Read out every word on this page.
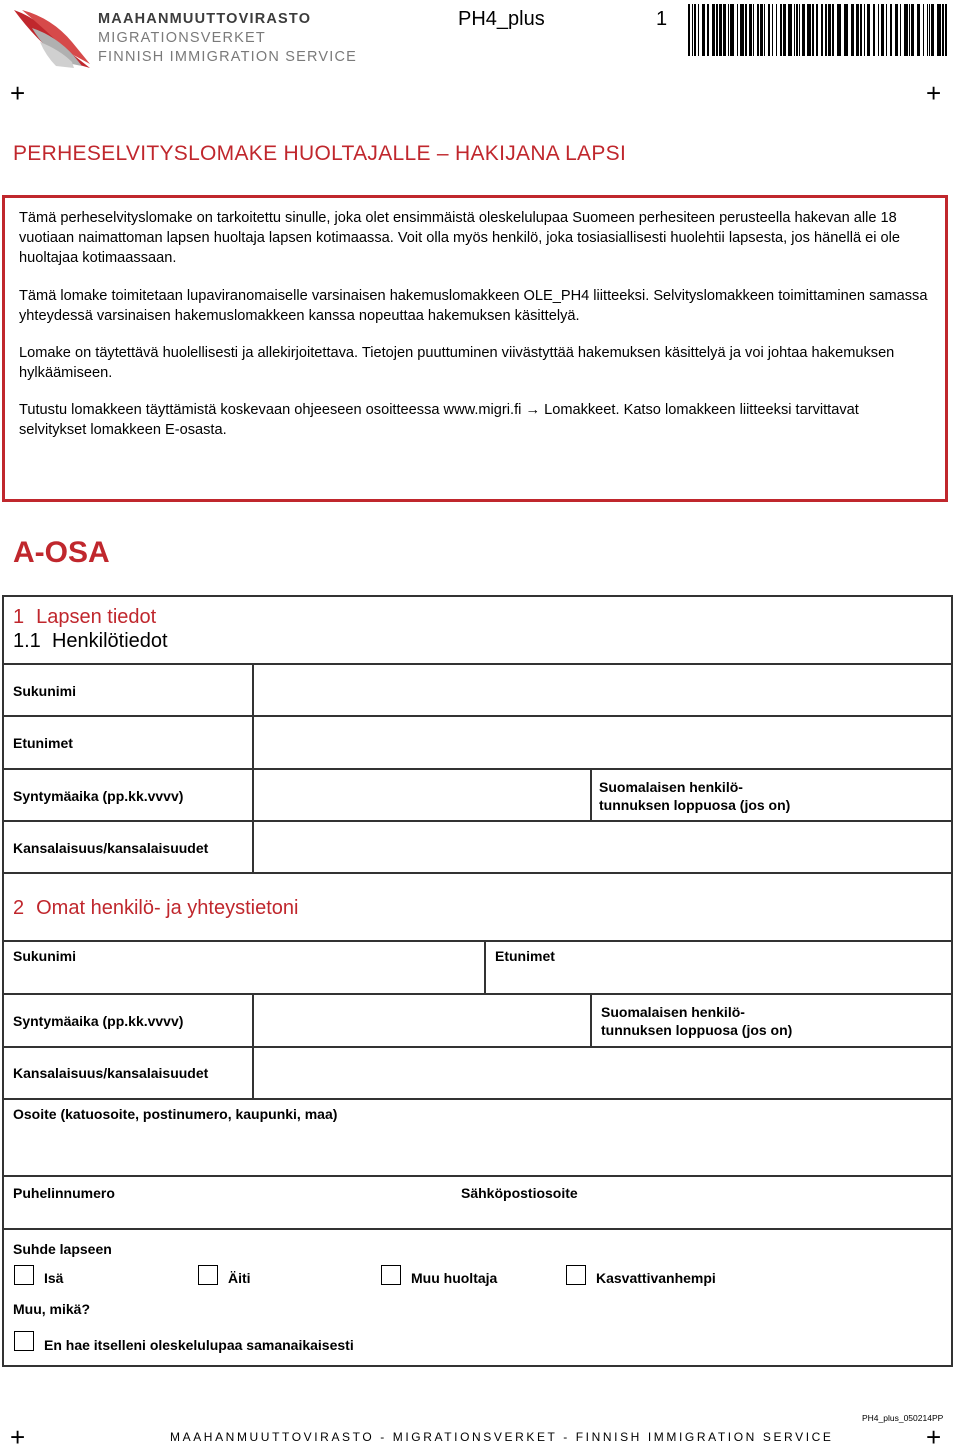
MAAHANMUUTTOVIRASTO
MIGRATIONSVERKET
FINNISH IMMIGRATION SERVICE
PH4_plus	1
+	+
PERHESELVITYSLOMAKE HUOLTAJALLE – HAKIJANA LAPSI
Tämä perheselvityslomake on tarkoitettu sinulle, joka olet ensimmäistä oleskelulupaa Suomeen perhesiteen perusteella hakevan alle 18 vuotiaan naimattoman lapsen huoltaja lapsen kotimaassa. Voit olla myös henkilö, joka tosiasiallisesti huolehtii lapsesta, jos hänellä ei ole huoltajaa kotimaassaan.
Tämä lomake toimitetaan lupaviranomaiselle varsinaisen hakemuslomakkeen OLE_PH4 liitteeksi. Selvityslomakkeen toimittaminen samassa yhteydessä varsinaisen hakemuslomakkeen kanssa nopeuttaa hakemuksen käsittelyä.
Lomake on täytettävä huolellisesti ja allekirjoitettava. Tietojen puuttuminen viivästyttää hakemuksen käsittelyä ja voi johtaa hakemuksen hylkäämiseen.
Tutustu lomakkeen täyttämistä koskevaan ohjeeseen osoitteessa www.migri.fi → Lomakkeet. Katso lomakkeen liitteeksi tarvittavat selvitykset lomakkeen E-osasta.
A-OSA
1 Lapsen tiedot
1.1 Henkilötiedot
Sukunimi
Etunimet
Syntymäaika (pp.kk.vvvv)
Suomalaisen henkilö-
tunnuksen loppuosa (jos on)
Kansalaisuus/kansalaisuudet
2 Omat henkilö- ja yhteystietoni
Sukunimi	Etunimet
Syntymäaika (pp.kk.vvvv)
Suomalaisen henkilö-
tunnuksen loppuosa (jos on)
Kansalaisuus/kansalaisuudet
Osoite (katuosoite, postinumero, kaupunki, maa)
Puhelinnumero	Sähköpostiosoite
Suhde lapseen
Isä	Äiti	Muu huoltaja	Kasvattivanhempi
Muu, mikä?
En hae itselleni oleskelulupaa samanaikaisesti
PH4_plus_050214PP
MAAHANMUUTTOVIRASTO - MIGRATIONSVERKET - FINNISH IMMIGRATION SERVICE
+	+
